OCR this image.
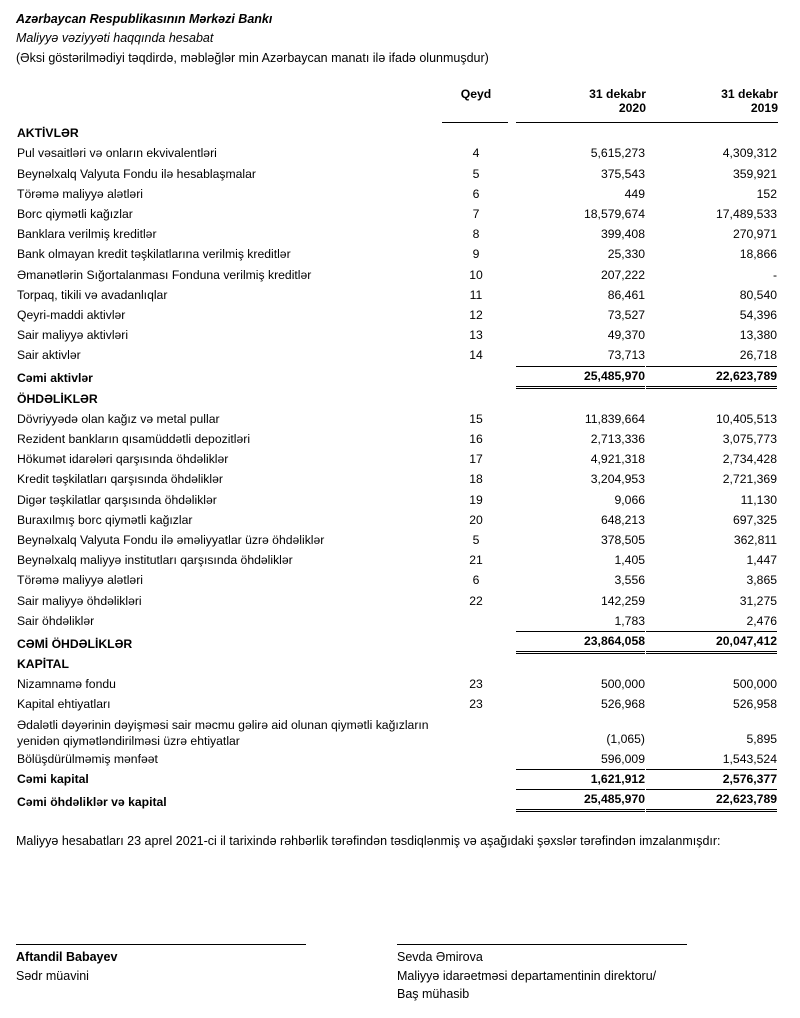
Azərbaycan Respublikasının Mərkəzi Bankı
Maliyyə vəziyyəti haqqında hesabat
(Əksi göstərilmədiyi təqdirdə, məbləğlər min Azərbaycan manatı ilə ifadə olunmuşdur)

	Qeyd	31 dekabr	31 dekabr
		2020	2019

AKTİVLƏR			
Pul vəsaitləri və onların ekvivalentləri	4	5,615,273	4,309,312
Beynəlxalq Valyuta Fondu ilə hesablaşmalar	5	375,543	359,921
Törəmə maliyyə alətləri	6	449	152
Borc qiymətli kağızlar	7	18,579,674	17,489,533
Banklara verilmiş kreditlər	8	399,408	270,971
Bank olmayan kredit təşkilatlarına verilmiş kreditlər	9	25,330	18,866
Əmanətlərin Sığortalanması Fonduna verilmiş kreditlər	10	207,222	-
Torpaq, tikili və avadanlıqlar	11	86,461	80,540
Qeyri-maddi aktivlər	12	73,527	54,396
Sair maliyyə aktivləri	13	49,370	13,380
Sair aktivlər	14	73,713	26,718
Cəmi aktivlər		25,485,970	22,623,789

ÖHDƏLİKLƏR			
Dövriyyədə olan kağız və metal pullar	15	11,839,664	10,405,513
Rezident bankların qısamüddətli depozitləri	16	2,713,336	3,075,773
Hökumət idarələri qarşısında öhdəliklər	17	4,921,318	2,734,428
Kredit təşkilatları qarşısında öhdəliklər	18	3,204,953	2,721,369
Digər təşkilatlar qarşısında öhdəliklər	19	9,066	11,130
Buraxılmış borc qiymətli kağızlar	20	648,213	697,325
Beynəlxalq Valyuta Fondu ilə əməliyyatlar üzrə öhdəliklər	5	378,505	362,811
Beynəlxalq maliyyə institutları qarşısında öhdəliklər	21	1,405	1,447
Törəmə maliyyə alətləri	6	3,556	3,865
Sair maliyyə öhdəlikləri	22	142,259	31,275
Sair öhdəliklər		1,783	2,476
CƏMİ ÖHDƏLİKLƏR		23,864,058	20,047,412

KAPİTAL			
Nizamnamə fondu	23	500,000	500,000
Kapital ehtiyatları	23	526,968	526,958
Ədalətli dəyərinin dəyişməsi sair məcmu gəlirə aid olunan qiymətli kağızların yenidən qiymətləndirilməsi üzrə ehtiyatlar		(1,065)	5,895
Bölüşdürülməmiş mənfəət		596,009	1,543,524
Cəmi kapital		1,621,912	2,576,377

Cəmi öhdəliklər və kapital		25,485,970	22,623,789
Maliyyə hesabatları 23 aprel 2021-ci il tarixində rəhbərlik tərəfindən təsdiqlənmiş və aşağıdaki şəxslər tərəfindən imzalanmışdır:
Aftandil Babayev
Sədr müavini
Sevda Əmirova
Maliyyə idarəetməsi departamentinin direktoru/
Baş mühasib
